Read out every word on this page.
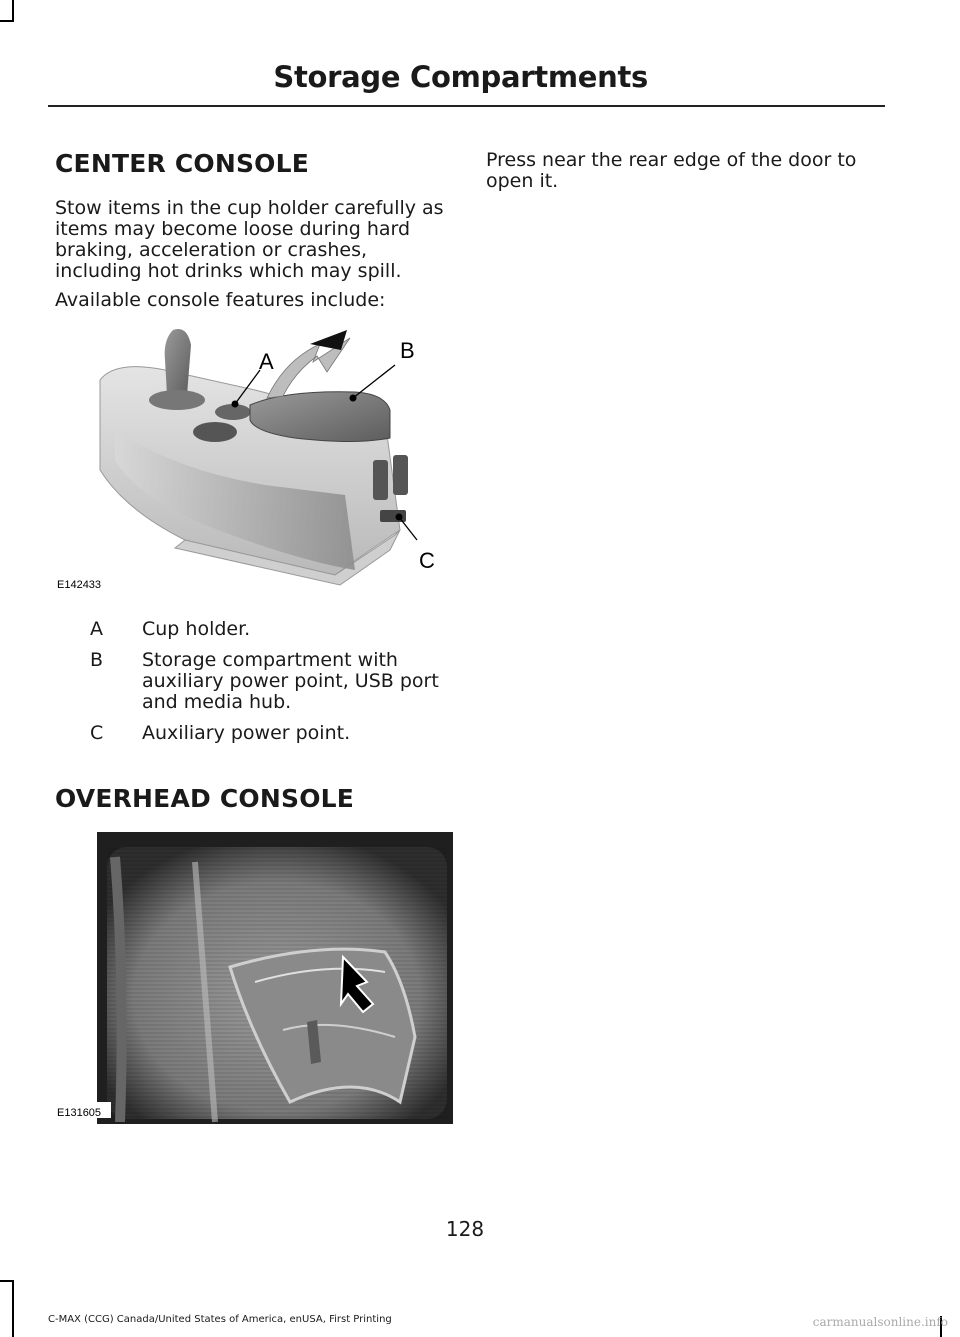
Storage Compartments
CENTER CONSOLE

Stow items in the cup holder carefully as items may become loose during hard braking, acceleration or crashes, including hot drinks which may spill.

Available console features include:

A	B
C
E142433
A	Cup holder.
B	Storage compartment with auxiliary power point, USB port and media hub.
C	Auxiliary power point.
OVERHEAD CONSOLE
E131605

Press near the rear edge of the door to open it.

128
C-MAX (CCG) Canada/United States of America, enUSA, First Printing	carmanualsonline.info
